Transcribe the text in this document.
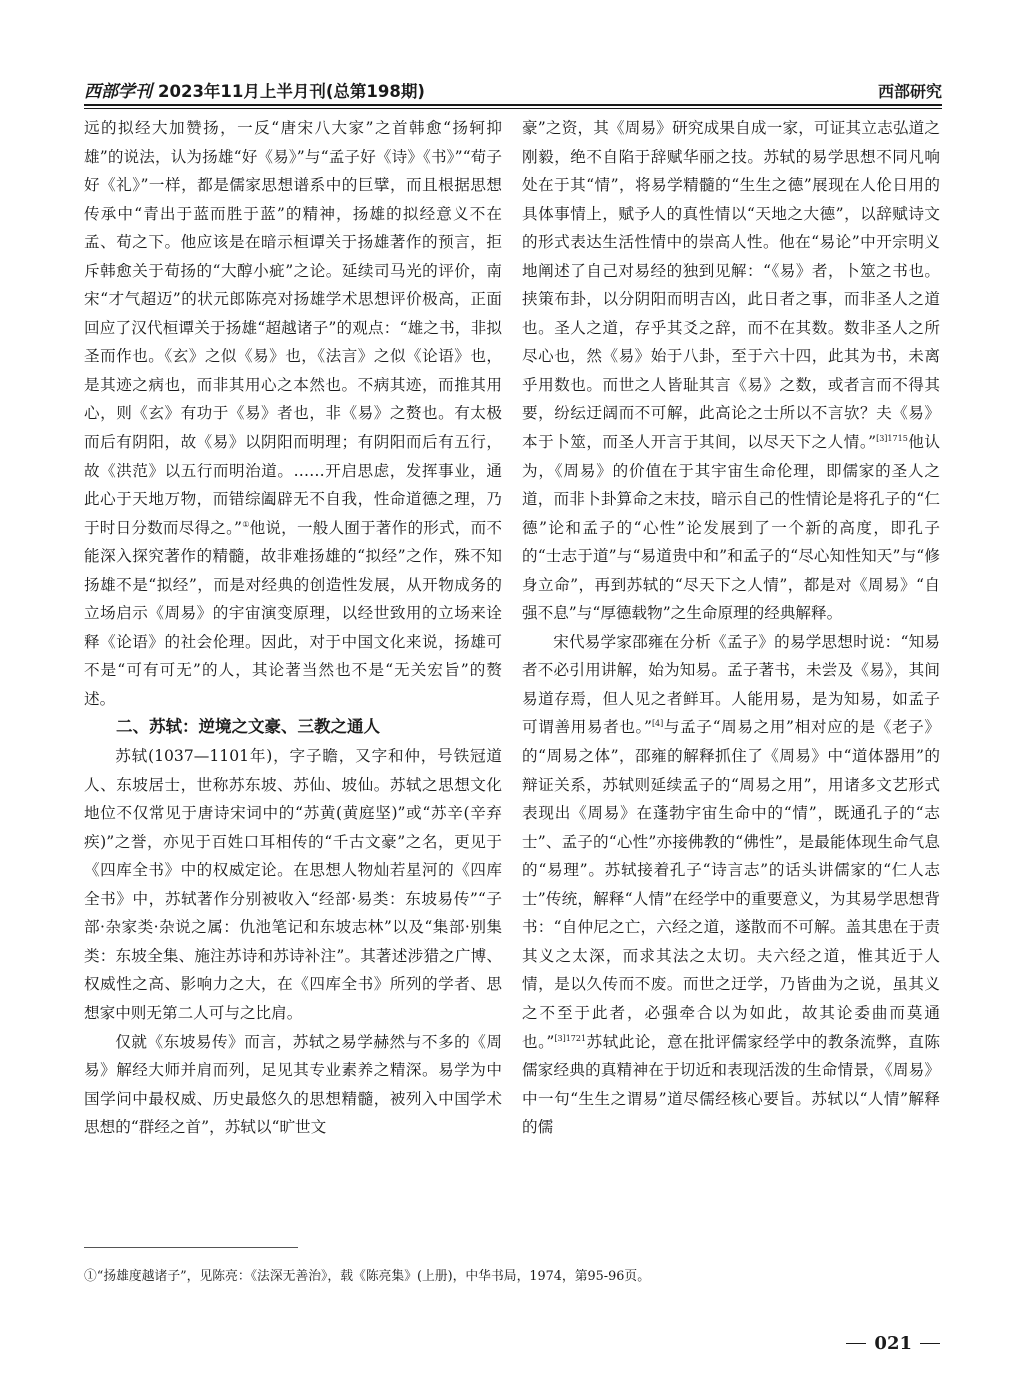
西部学刊 2023年11月上半月刊(总第198期)	西部研究

远的拟经大加赞扬，一反“唐宋八大家”之首韩愈“扬轲抑雄”的说法，认为扬雄“好《易》”与“孟子好《诗》《书》”“荀子好《礼》”一样，都是儒家思想谱系中的巨擘，而且根据思想传承中“青出于蓝而胜于蓝”的精神，扬雄的拟经意义不在孟、荀之下。他应该是在暗示桓谭关于扬雄著作的预言，拒斥韩愈关于荀扬的“大醇小疵”之论。延续司马光的评价，南宋“才气超迈”的状元郎陈亮对扬雄学术思想评价极高，正面回应了汉代桓谭关于扬雄“超越诸子”的观点：“雄之书，非拟圣而作也。《玄》之似《易》也，《法言》之似《论语》也，是其迹之病也，而非其用心之本然也。不病其迹，而推其用心，则《玄》有功于《易》者也，非《易》之赘也。有太极而后有阴阳，故《易》以阴阳而明理；有阴阳而后有五行，故《洪范》以五行而明治道。……开启思虑，发挥事业，通此心于天地万物，而错综阖辟无不自我，性命道德之理，乃于时日分数而尽得之。”①他说，一般人囿于著作的形式，而不能深入探究著作的精髓，故非难扬雄的“拟经”之作，殊不知扬雄不是“拟经”，而是对经典的创造性发展，从开物成务的立场启示《周易》的宇宙演变原理，以经世致用的立场来诠释《论语》的社会伦理。因此，对于中国文化来说，扬雄可不是“可有可无”的人，其论著当然也不是“无关宏旨”的赘述。

二、苏轼：逆境之文豪、三教之通人

苏轼(1037—1101年)，字子瞻，又字和仲，号铁冠道人、东坡居士，世称苏东坡、苏仙、坡仙。苏轼之思想文化地位不仅常见于唐诗宋词中的“苏黄(黄庭坚)”或“苏辛(辛弃疾)”之誉，亦见于百姓口耳相传的“千古文豪”之名，更见于《四库全书》中的权威定论。在思想人物灿若星河的《四库全书》中，苏轼著作分别被收入“经部·易类：东坡易传”“子部·杂家类·杂说之属：仇池笔记和东坡志林”以及“集部·别集类：东坡全集、施注苏诗和苏诗补注”。其著述涉猎之广博、权威性之高、影响力之大，在《四库全书》所列的学者、思想家中则无第二人可与之比肩。

仅就《东坡易传》而言，苏轼之易学赫然与不多的《周易》解经大师并肩而列，足见其专业素养之精深。易学为中国学问中最权威、历史最悠久的思想精髓，被列入中国学术思想的“群经之首”，苏轼以“旷世文

豪”之资，其《周易》研究成果自成一家，可证其立志弘道之刚毅，绝不自陷于辞赋华丽之技。苏轼的易学思想不同凡响处在于其“情”，将易学精髓的“生生之德”展现在人伦日用的具体事情上，赋予人的真性情以“天地之大德”，以辞赋诗文的形式表达生活性情中的崇高人性。他在“易论”中开宗明义地阐述了自己对易经的独到见解：“《易》者，卜筮之书也。挟策布卦，以分阴阳而明吉凶，此日者之事，而非圣人之道也。圣人之道，存乎其爻之辞，而不在其数。数非圣人之所尽心也，然《易》始于八卦，至于六十四，此其为书，未离乎用数也。而世之人皆耻其言《易》之数，或者言而不得其要，纷纭迂阔而不可解，此高论之士所以不言欤？夫《易》本于卜筮，而圣人开言于其间，以尽天下之人情。”$^{[3]1715}$他认为，《周易》的价值在于其宇宙生命伦理，即儒家的圣人之道，而非卜卦算命之末技，暗示自己的性情论是将孔子的“仁德”论和孟子的“心性”论发展到了一个新的高度，即孔子的“士志于道”与“易道贵中和”和孟子的“尽心知性知天”与“修身立命”，再到苏轼的“尽天下之人情”，都是对《周易》“自强不息”与“厚德载物”之生命原理的经典解释。

宋代易学家邵雍在分析《孟子》的易学思想时说：“知易者不必引用讲解，始为知易。孟子著书，未尝及《易》，其间易道存焉，但人见之者鲜耳。人能用易，是为知易，如孟子可谓善用易者也。”[4]与孟子“周易之用”相对应的是《老子》的“周易之体”，邵雍的解释抓住了《周易》中“道体器用”的辩证关系，苏轼则延续孟子的“周易之用”，用诸多文艺形式表现出《周易》在蓬勃宇宙生命中的“情”，既通孔子的“志士”、孟子的“心性”亦接佛教的“佛性”，是最能体现生命气息的“易理”。苏轼接着孔子“诗言志”的话头讲儒家的“仁人志士”传统，解释“人情”在经学中的重要意义，为其易学思想背书：“自仲尼之亡，六经之道，遂散而不可解。盖其患在于责其义之太深，而求其法之太切。夫六经之道，惟其近于人情，是以久传而不废。而世之迂学，乃皆曲为之说，虽其义之不至于此者，必强牵合以为如此，故其论委曲而莫通也。”$^{[3]1721}$苏轼此论，意在批评儒家经学中的教条流弊，直陈儒家经典的真精神在于切近和表现活泼的生命情景，《周易》中一句“生生之谓易”道尽儒经核心要旨。苏轼以“人情”解释的儒

①“扬雄度越诸子”，见陈亮：《法深无善治》，载《陈亮集》(上册)，中华书局，1974，第95-96页。
021
